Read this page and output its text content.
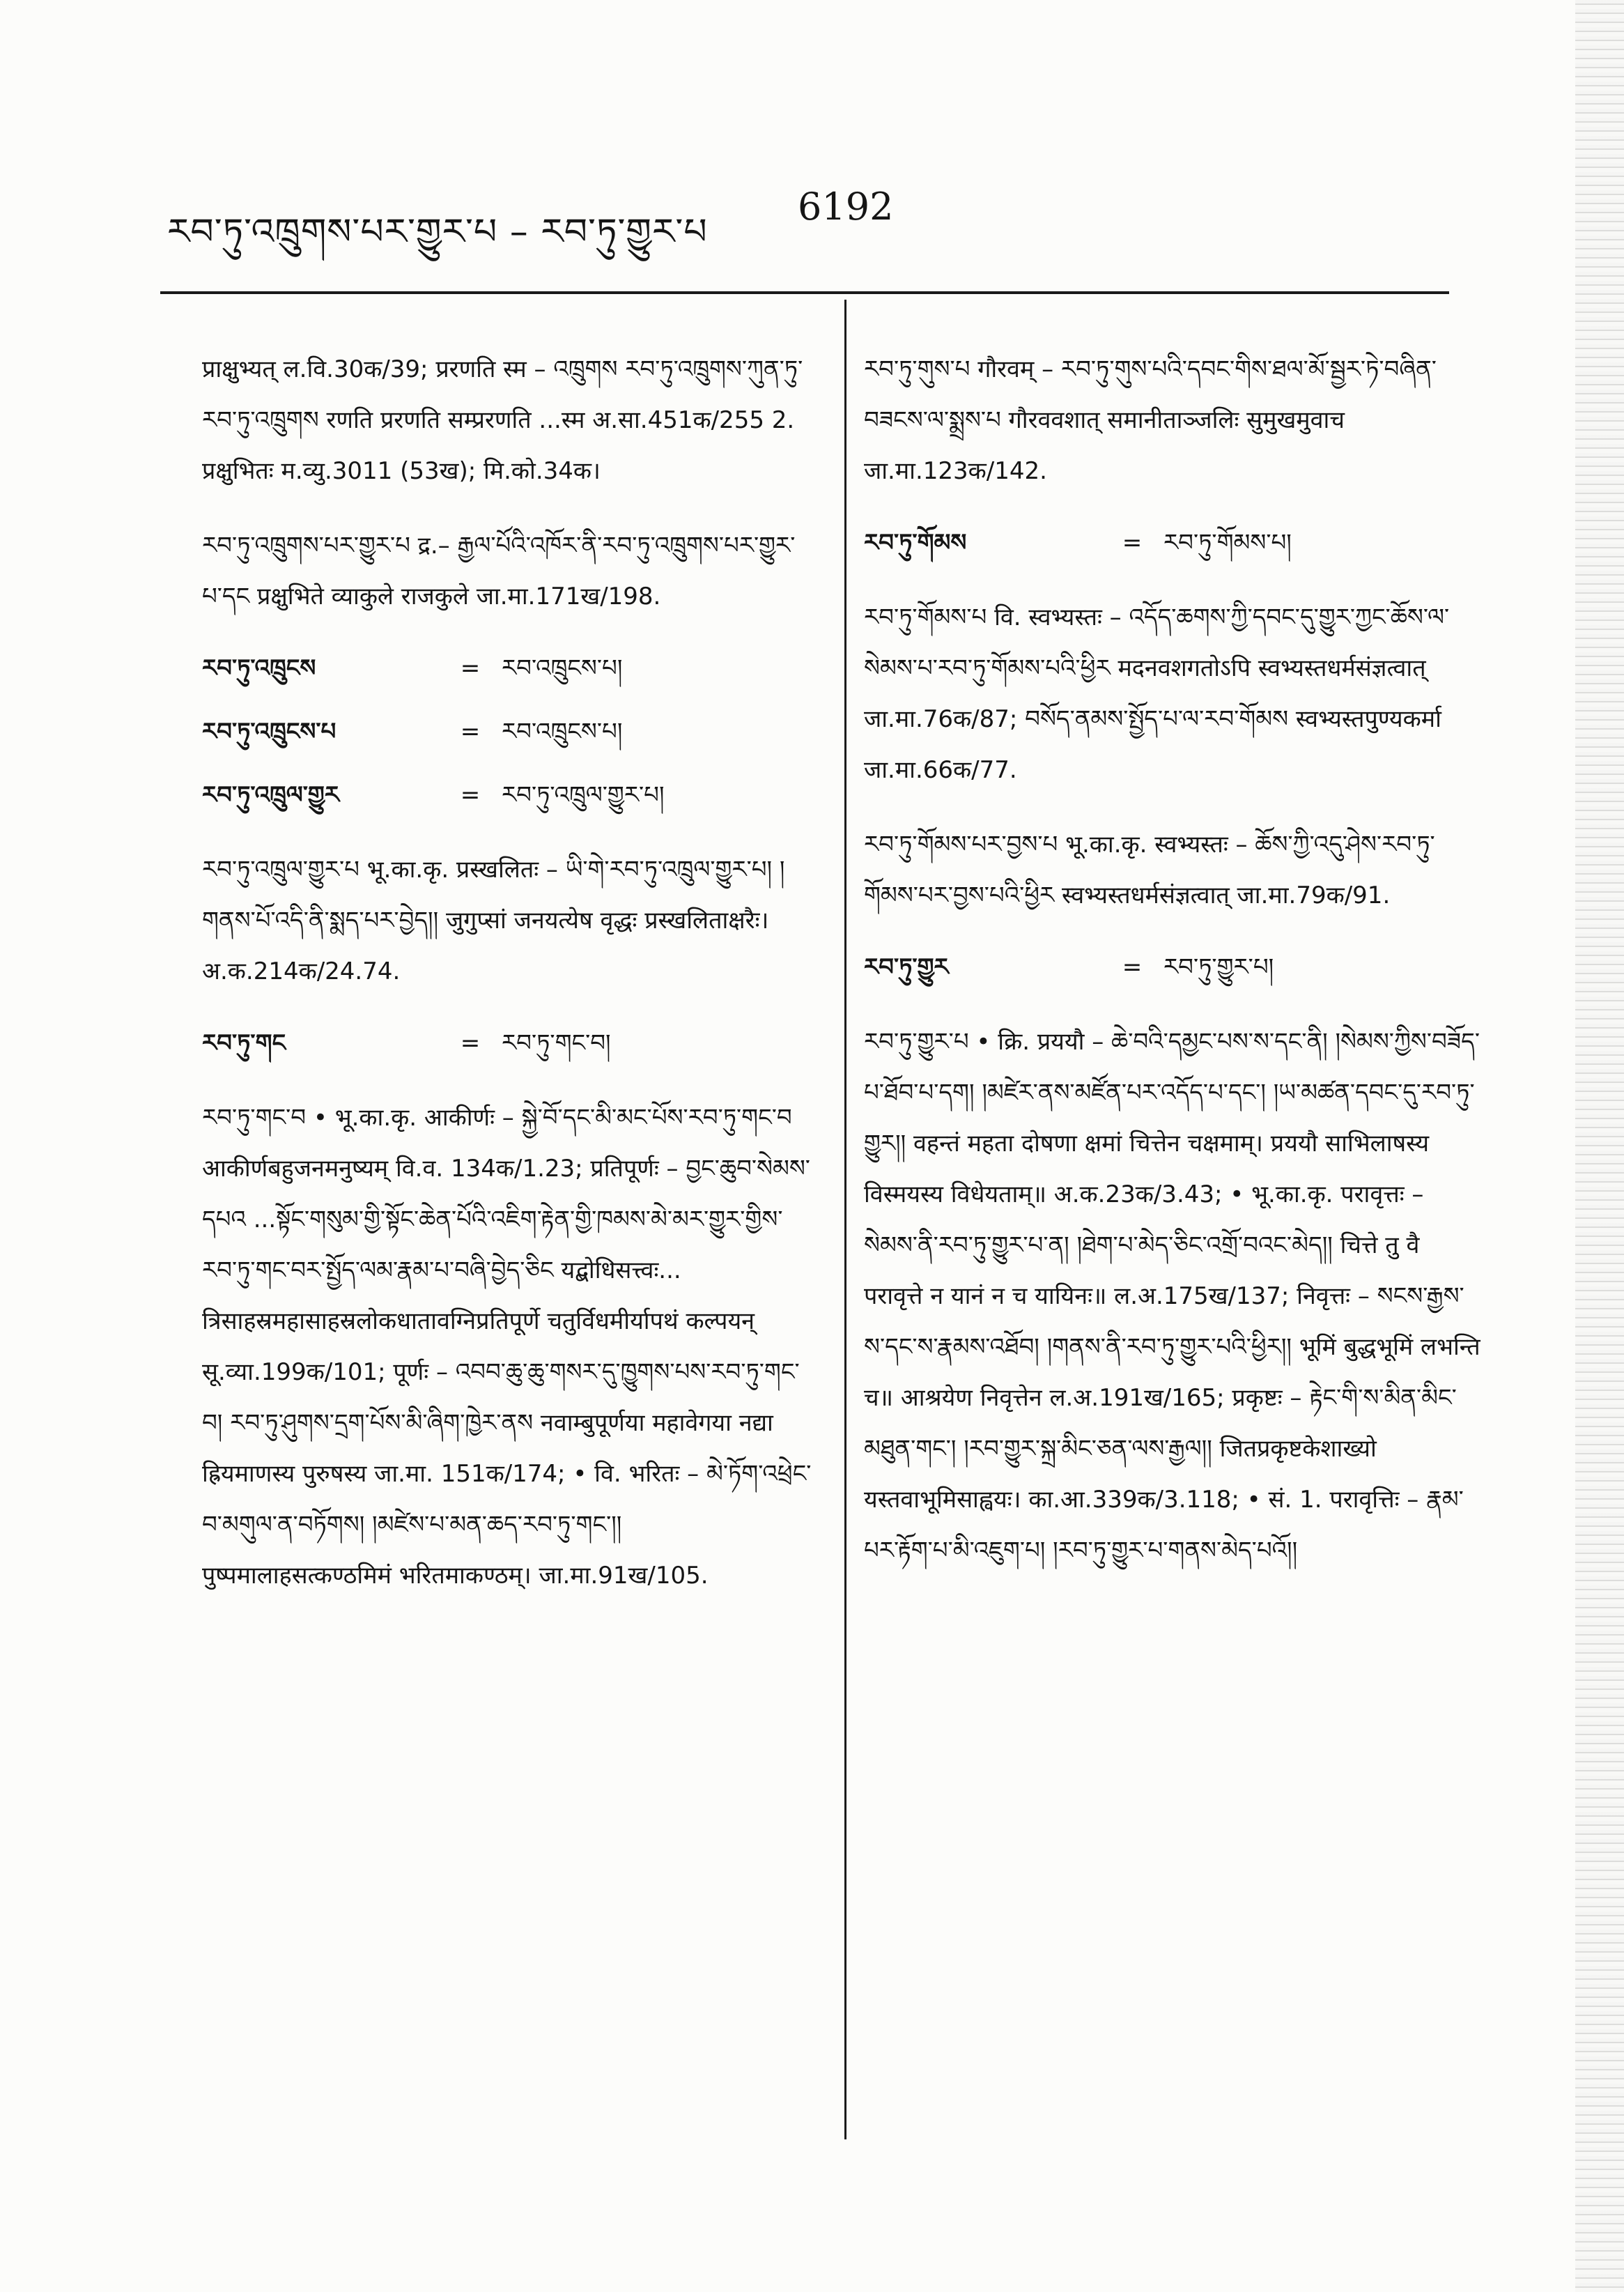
རབ་ཏུ་འཁྲུགས་པར་གྱུར་པ – རབ་ཏུ་གྱུར་པ
6192

प्राक्षुभ्यत् ल.वि.30क/39; प्ररणति स्म – འཁྲུགས རབ་ཏུ་འཁྲུགས་ཀུན་ཏུ་རབ་ཏུ་འཁྲུགས रणति प्ररणति सम्प्ररणति ...स्म अ.सा.451क/255 2. प्रक्षुभितः म.व्यु.3011 (53ख); मि.को.34क।

རབ་ཏུ་འཁྲུགས་པར་གྱུར་པ द्र.– རྒྱལ་པོའི་འཁོར་ནི་རབ་ཏུ་འཁྲུགས་པར་གྱུར་པ་དང प्रक्षुभिते व्याकुले राजकुले जा.मा.171ख/198.

རབ་ཏུ་འཁྲུངས	= རབ་འཁྲུངས་པ།
རབ་ཏུ་འཁྲུངས་པ	= རབ་འཁྲུངས་པ།
རབ་ཏུ་འཁྲུལ་གྱུར	= རབ་ཏུ་འཁྲུལ་གྱུར་པ།

རབ་ཏུ་འཁྲུལ་གྱུར་པ भू.का.कृ. प्रस्खलितः – ཡི་གེ་རབ་ཏུ་འཁྲུལ་གྱུར་པ། །གནས་པོ་འདི་ནི་སྨད་པར་བྱེད།། जुगुप्सां जनयत्येष वृद्धः प्रस्खलिताक्षरैः। अ.क.214क/24.74.

རབ་ཏུ་གང	= རབ་ཏུ་གང་བ།

རབ་ཏུ་གང་བ • भू.का.कृ. आकीर्णः – སྐྱེ་བོ་དང་མི་མང་པོས་རབ་ཏུ་གང་བ आकीर्णबहुजनमनुष्यम् वि.व. 134क/1.23; प्रतिपूर्णः – བྱང་ཆུབ་སེམས་དཔའ ...སྟོང་གསུམ་གྱི་སྟོང་ཆེན་པོའི་འཇིག་རྟེན་གྱི་ཁམས་མེ་མར་གྱུར་གྱིས་རབ་ཏུ་གང་བར་སྤྱོད་ལམ་རྣམ་པ་བཞི་བྱེད་ཅིང यद्बोधिसत्त्वः... त्रिसाहस्रमहासाहस्रलोकधातावग्निप्रतिपूर्णे चतुर्विधमीर्यापथं कल्पयन् सू.व्या.199क/101; पूर्णः – འབབ་ཆུ་ཆུ་གསར་དུ་ཁྱུགས་པས་རབ་ཏུ་གང་བ། རབ་ཏུ་ཤུགས་དྲག་པོས་མི་ཞིག་ཁྱེར་ནས नवाम्बुपूर्णया महावेगया नद्या ह्रियमाणस्य पुरुषस्य जा.मा. 151क/174; • वि. भरितः – མེ་ཏོག་འཕྲེང་བ་མགུལ་ན་བཏོགས། །མཛེས་པ་མན་ཆད་རབ་ཏུ་གང་།། पुष्पमालाहसत्कण्ठमिमं भरितमाकण्ठम्। जा.मा.91ख/105.

རབ་ཏུ་གུས་པ गौरवम् – རབ་ཏུ་གུས་པའི་དབང་གིས་ཐལ་མོ་སྦྱར་ཏེ་བཞིན་བཟངས་ལ་སྨྲས་པ गौरववशात् समानीताञ्जलिः सुमुखमुवाच जा.मा.123क/142.

རབ་ཏུ་གོམས	= རབ་ཏུ་གོམས་པ།

རབ་ཏུ་གོམས་པ वि. स्वभ्यस्तः – འདོད་ཆགས་ཀྱི་དབང་དུ་གྱུར་ཀྱང་ཆོས་ལ་སེམས་པ་རབ་ཏུ་གོམས་པའི་ཕྱིར मदनवशगतोऽपि स्वभ्यस्तधर्मसंज्ञत्वात् जा.मा.76क/87; བསོད་ནམས་སྤྱོད་པ་ལ་རབ་གོམས स्वभ्यस्तपुण्यकर्मा जा.मा.66क/77.

རབ་ཏུ་གོམས་པར་བྱས་པ भू.का.कृ. स्वभ्यस्तः – ཆོས་ཀྱི་འདུ་ཤེས་རབ་ཏུ་གོམས་པར་བྱས་པའི་ཕྱིར स्वभ्यस्तधर्मसंज्ञत्वात् जा.मा.79क/91.

རབ་ཏུ་གྱུར	= རབ་ཏུ་གྱུར་པ།

རབ་ཏུ་གྱུར་པ • क्रि. प्रययौ – ཆེ་བའི་དམྱང་པས་ས་དང་ནི། །སེམས་ཀྱིས་བཟོད་པ་ཐོབ་པ་དག། །མཛེར་ནས་མཛོན་པར་འདོད་པ་དང་། །ཡ་མཚན་དབང་དུ་རབ་ཏུ་གྱུར།། वहन्तं महता दोषणा क्षमां चित्तेन चक्षमाम्। प्रययौ साभिलाषस्य विस्मयस्य विधेयताम्॥ अ.क.23क/3.43; • भू.का.कृ. परावृत्तः – སེམས་ནི་རབ་ཏུ་གྱུར་པ་ན། །ཐེག་པ་མེད་ཅིང་འགྲོ་བའང་མེད།། चित्ते तु वै परावृत्ते न यानं न च यायिनः॥ ल.अ.175ख/137; निवृत्तः – སངས་རྒྱས་ས་དང་ས་རྣམས་འཐོབ། །གནས་ནི་རབ་ཏུ་གྱུར་པའི་ཕྱིར།། भूमिं बुद्धभूमिं लभन्ति च॥ आश्रयेण निवृत्तेन ल.अ.191ख/165; प्रकृष्टः – རྟེང་གི་ས་མིན་མིང་མཐུན་གང་། །རབ་གྱུར་སྐྲ་མིང་ཅན་ལས་རྒྱལ།། जितप्रकृष्टकेशाख्यो यस्तवाभूमिसाह्वयः। का.आ.339क/3.118; • सं. 1. परावृत्तिः – རྣམ་པར་རྟོག་པ་མི་འཇུག་པ། །རབ་ཏུ་གྱུར་པ་གནས་མེད་པའོ།།
